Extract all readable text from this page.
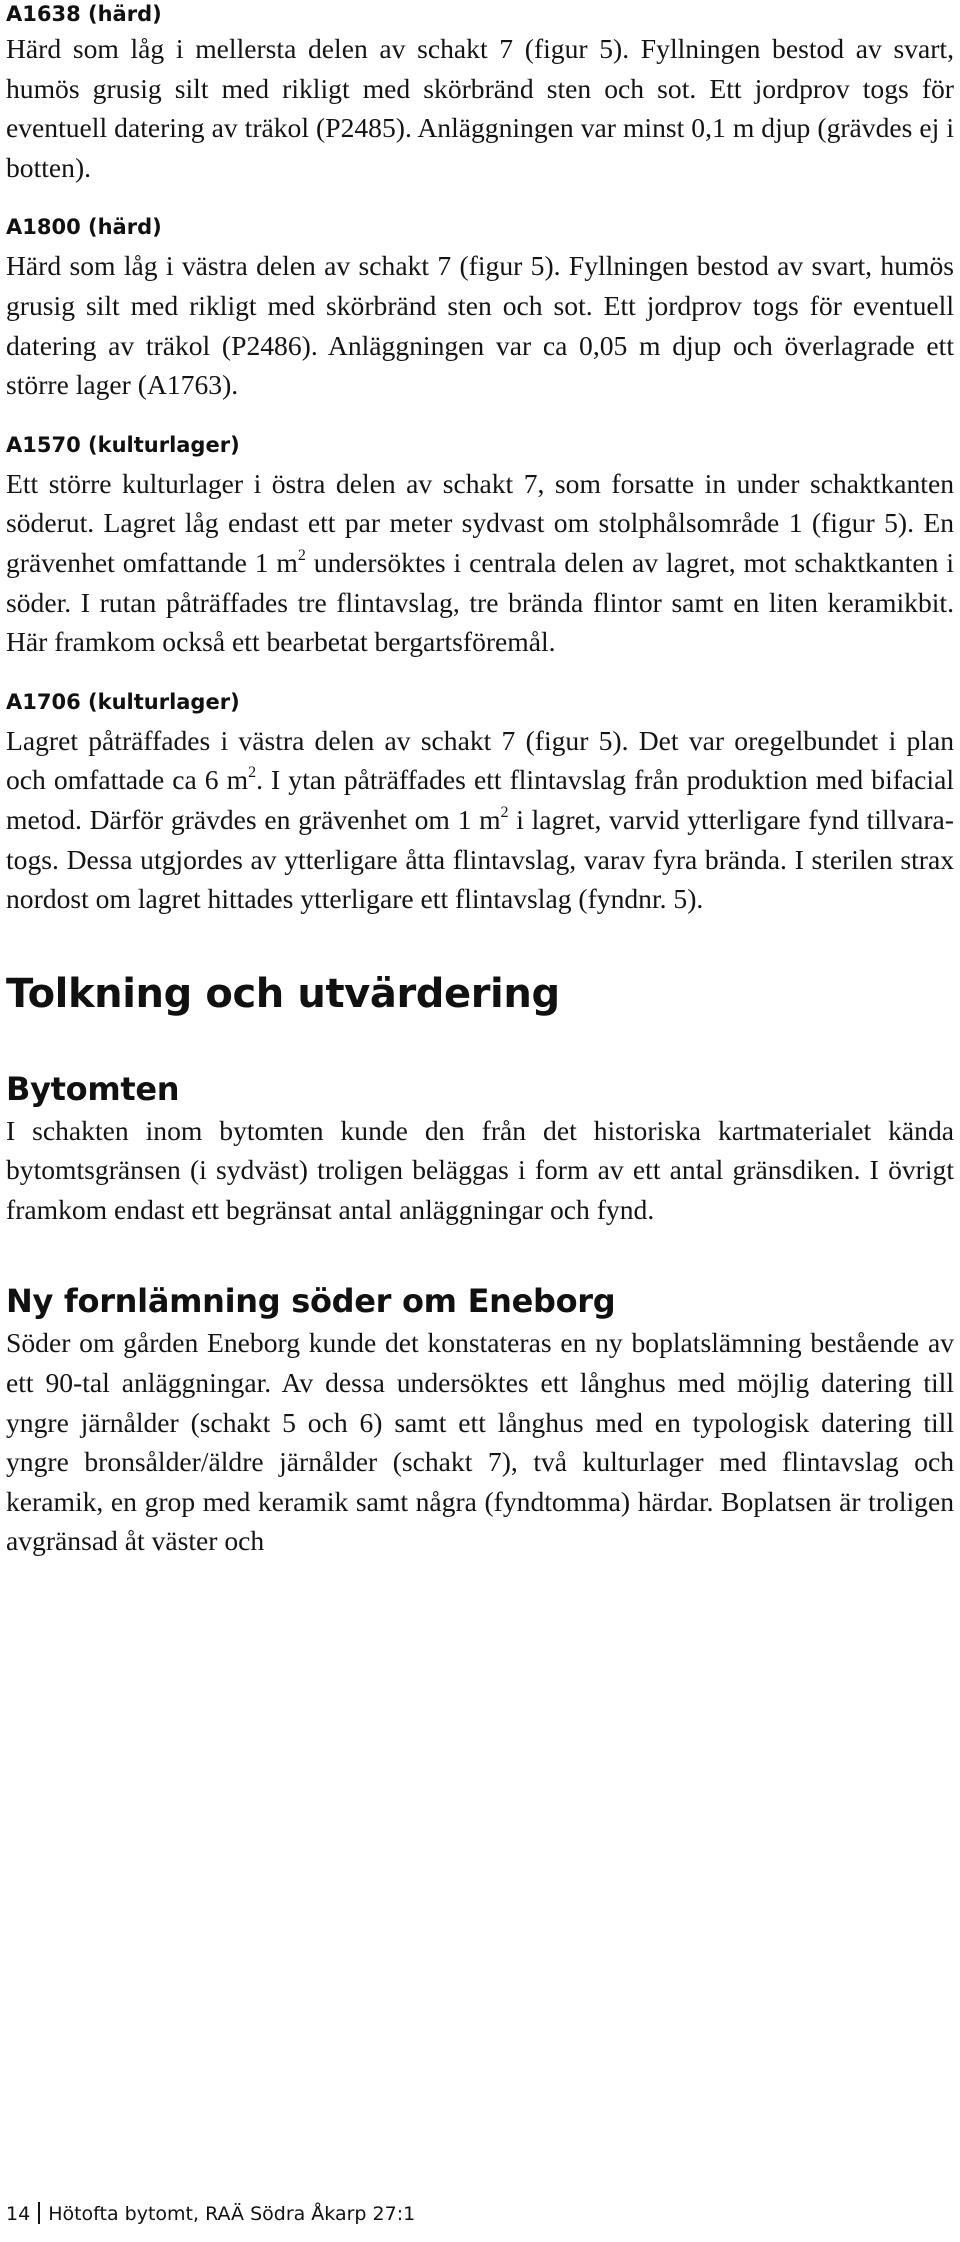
A1638 (härd)

Härd som låg i mellersta delen av schakt 7 (figur 5). Fyllningen bestod av svart, humös grusig silt med rikligt med skörbränd sten och sot. Ett jordprov togs för eventuell datering av träkol (P2485). Anläggningen var minst 0,1 m djup (grävdes ej i botten).

A1800 (härd)

Härd som låg i västra delen av schakt 7 (figur 5). Fyllningen bestod av svart, humös grusig silt med rikligt med skörbränd sten och sot. Ett jordprov togs för eventuell datering av träkol (P2486). Anläggningen var ca 0,05 m djup och överlagrade ett större lager (A1763).

A1570 (kulturlager)

Ett större kulturlager i östra delen av schakt 7, som forsatte in under schaktkanten söderut. Lagret låg endast ett par meter sydvast om stolphålsområde 1 (figur 5). En grävenhet omfattande 1 $m^2$ undersöktes i centrala delen av lagret, mot schaktkanten i söder. I rutan påträffades tre flintavslag, tre brända flintor samt en liten keramikbit. Här framkom också ett bearbetat bergartsföremål.

A1706 (kulturlager)

Lagret påträffades i västra delen av schakt 7 (figur 5). Det var oregelbundet i plan och omfattade ca 6 $m^2$. I ytan påträffades ett flintavslag från produktion med bifacial metod. Därför grävdes en grävenhet om 1 $m^2$ i lagret, varvid ytterligare fynd tillvaratogs. Dessa utgjordes av ytterligare åtta flintavslag, varav fyra brända. I sterilen strax nordost om lagret hittades ytterligare ett flintavslag (fyndnr. 5).

Tolkning och utvärdering
Bytomten

I schakten inom bytomten kunde den från det historiska kartmaterialet kända bytomtsgränsen (i sydväst) troligen beläggas i form av ett antal gränsdiken. I övrigt framkom endast ett begränsat antal anläggningar och fynd.

Ny fornlämning söder om Eneborg

Söder om gården Eneborg kunde det konstateras en ny boplatslämning bestående av ett 90-tal anläggningar. Av dessa undersöktes ett långhus med möjlig datering till yngre järnålder (schakt 5 och 6) samt ett långhus med en typologisk datering till yngre bronsålder/äldre järnålder (schakt 7), två kulturlager med flintavslag och keramik, en grop med keramik samt några (fyndtomma) härdar. Boplatsen är troligen avgränsad åt väster och

14 Hötofta bytomt, RAÄ Södra Åkarp 27:1
